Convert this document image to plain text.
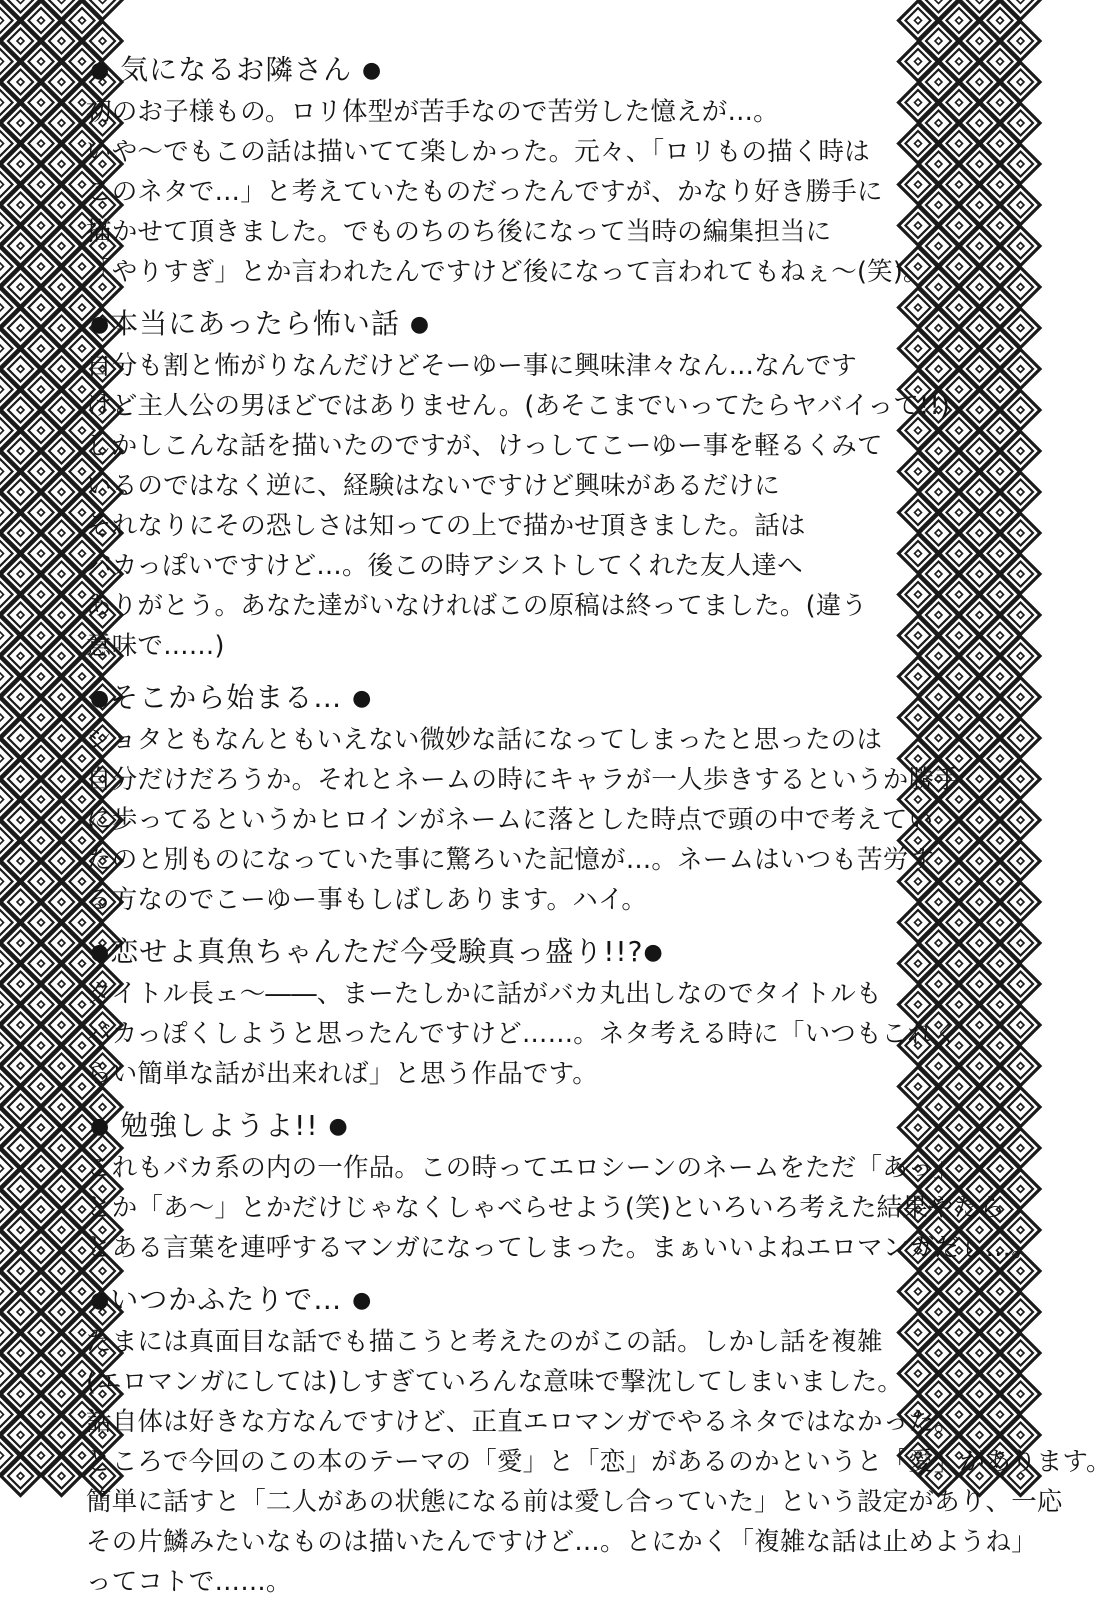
● 気になるお隣さん ●
初のお子様もの。ロリ体型が苦手なので苦労した憶えが…。
いや～でもこの話は描いてて楽しかった。元々、「ロリもの描く時は
このネタで…」と考えていたものだったんですが、かなり好き勝手に
描かせて頂きました。でものちのち後になって当時の編集担当に
「やりすぎ」とか言われたんですけど後になって言われてもねぇ～(笑)。
●本当にあったら怖い話 ●
自分も割と怖がりなんだけどそーゆー事に興味津々なん…なんです
けど主人公の男ほどではありません。(あそこまでいってたらヤバイって!!)
しかしこんな話を描いたのですが、けっしてこーゆー事を軽るくみて
いるのではなく逆に、経験はないですけど興味があるだけに
それなりにその恐しさは知っての上で描かせ頂きました。話は
バカっぽいですけど…。後この時アシストしてくれた友人達へ
ありがとう。あなた達がいなければこの原稿は終ってました。(違う
意味で……)
●そこから始まる… ●
ショタともなんともいえない微妙な話になってしまったと思ったのは
自分だけだろうか。それとネームの時にキャラが一人歩きするというか勝手
に歩ってるというかヒロインがネームに落とした時点で頭の中で考えてい
たのと別ものになっていた事に驚ろいた記憶が…。ネームはいつも苦労す
る方なのでこーゆー事もしばしあります。ハイ。
●恋せよ真魚ちゃんただ今受験真っ盛り!!?●
タイトル長ェ～――、まーたしかに話がバカ丸出しなのでタイトルも
バカっぽくしようと思ったんですけど……。ネタ考える時に「いつもこれく
らい簡単な話が出来れば」と思う作品です。
● 勉強しようよ!! ●
これもバカ系の内の一作品。この時ってエロシーンのネームをただ「あっ」
とか「あ～」とかだけじゃなくしゃべらせよう(笑)といろいろ考えた結果やたら
とある言葉を連呼するマンガになってしまった。まぁいいよねエロマンガだし…。
●いつかふたりで… ●
たまには真面目な話でも描こうと考えたのがこの話。しかし話を複雑
(エロマンガにしては)しすぎていろんな意味で撃沈してしまいました。
話自体は好きな方なんですけど、正直エロマンガでやるネタではなかった。
ところで今回のこの本のテーマの「愛」と「恋」があるのかというと「愛」があります。
簡単に話すと「二人があの状態になる前は愛し合っていた」という設定があり、一応
その片鱗みたいなものは描いたんですけど…。とにかく「複雑な話は止めようね」
ってコトで……。
